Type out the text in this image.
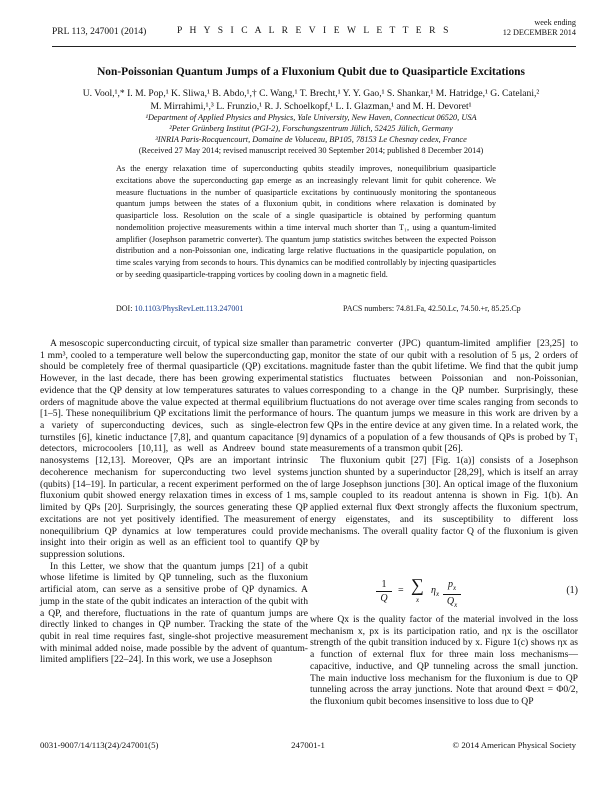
PRL 113, 247001 (2014)	P H Y S I C A L R E V I E W L E T T E R S
week ending
12 DECEMBER 2014
Non-Poissonian Quantum Jumps of a Fluxonium Qubit due to Quasiparticle Excitations
U. Vool,¹,* I. M. Pop,¹ K. Sliwa,¹ B. Abdo,¹,† C. Wang,¹ T. Brecht,¹ Y. Y. Gao,¹ S. Shankar,¹ M. Hatridge,¹ G. Catelani,²
M. Mirrahimi,¹,³ L. Frunzio,¹ R. J. Schoelkopf,¹ L. I. Glazman,¹ and M. H. Devoret¹
¹Department of Applied Physics and Physics, Yale University, New Haven, Connecticut 06520, USA
²Peter Grünberg Institut (PGI-2), Forschungszentrum Jülich, 52425 Jülich, Germany
³INRIA Paris-Rocquencourt, Domaine de Voluceau, BP105, 78153 Le Chesnay cedex, France
(Received 27 May 2014; revised manuscript received 30 September 2014; published 8 December 2014)
As the energy relaxation time of superconducting qubits steadily improves, nonequilibrium quasiparticle excitations above the superconducting gap emerge as an increasingly relevant limit for qubit coherence. We measure fluctuations in the number of quasiparticle excitations by continuously monitoring the spontaneous quantum jumps between the states of a fluxonium qubit, in conditions where relaxation is dominated by quasiparticle loss. Resolution on the scale of a single quasiparticle is obtained by performing quantum nondemolition projective measurements within a time interval much shorter than T₁, using a quantum-limited amplifier (Josephson parametric converter). The quantum jump statistics switches between the expected Poisson distribution and a non-Poissonian one, indicating large relative fluctuations in the quasiparticle population, on time scales varying from seconds to hours. This dynamics can be modified controllably by injecting quasiparticles or by seeding quasiparticle-trapping vortices by cooling down in a magnetic field.
DOI: 10.1103/PhysRevLett.113.247001	PACS numbers: 74.81.Fa, 42.50.Lc, 74.50.+r, 85.25.Cp

A mesoscopic superconducting circuit, of typical size smaller than 1 mm³, cooled to a temperature well below the superconducting gap, should be completely free of thermal quasiparticle (QP) excitations. However, in the last decade, there has been growing experimental evidence that the QP density at low temperatures saturates to values orders of magnitude above the value expected at thermal equilibrium [1–5]. These nonequilibrium QP excitations limit the performance of a variety of superconducting devices, such as single-electron turnstiles [6], kinetic inductance [7,8], and quantum capacitance [9] detectors, microcoolers [10,11], as well as Andreev bound state nanosystems [12,13]. Moreover, QPs are an important intrinsic decoherence mechanism for superconducting two level systems (qubits) [14–19]. In particular, a recent experiment performed on the fluxonium qubit showed energy relaxation times in excess of 1 ms, limited by QPs [20]. Surprisingly, the sources generating these QP excitations are not yet positively identified. The measurement of nonequilibrium QP dynamics at low temperatures could provide insight into their origin as well as an efficient tool to quantify QP suppression solutions.

In this Letter, we show that the quantum jumps [21] of a qubit whose lifetime is limited by QP tunneling, such as the fluxonium artificial atom, can serve as a sensitive probe of QP dynamics. A jump in the state of the qubit indicates an interaction of the qubit with a QP, and therefore, fluctuations in the rate of quantum jumps are directly linked to changes in QP number. Tracking the state of the qubit in real time requires fast, single-shot projective measurement with minimal added noise, made possible by the advent of quantum-limited amplifiers [22–24]. In this work, we use a Josephson

parametric converter (JPC) quantum-limited amplifier [23,25] to monitor the state of our qubit with a resolution of 5 μs, 2 orders of magnitude faster than the qubit lifetime. We find that the qubit jump statistics fluctuates between Poissonian and non-Poissonian, corresponding to a change in the QP number. Surprisingly, these fluctuations do not average over time scales ranging from seconds to hours. The quantum jumps we measure in this work are driven by a few QPs in the entire device at any given time. In a related work, the dynamics of a population of a few thousands of QPs is probed by T₁ measurements of a transmon qubit [26].

The fluxonium qubit [27] [Fig. 1(a)] consists of a Josephson junction shunted by a superinductor [28,29], which is itself an array of large Josephson junctions [30]. An optical image of the fluxonium sample coupled to its readout antenna is shown in Fig. 1(b). An applied external flux Φext strongly affects the fluxonium spectrum, energy eigenstates, and its susceptibility to different loss mechanisms. The overall quality factor Q of the fluxonium is given by

$\frac{1}{Q}$ = ∑
x
$\eta_x \frac{p_x}{Q_x}$	(1)
where Qx is the quality factor of the material involved in the loss mechanism x, px is its participation ratio, and ηx is the oscillator strength of the qubit transition induced by x. Figure 1(c) shows ηx as a function of external flux for three main loss mechanisms—capacitive, inductive, and QP tunneling across the small junction. The main inductive loss mechanism for the fluxonium is due to QP tunneling across the array junctions. Note that around Φext = Φ0/2, the fluxonium qubit becomes insensitive to loss due to QP
0031-9007/14/113(24)/247001(5)	247001-1	© 2014 American Physical Society
